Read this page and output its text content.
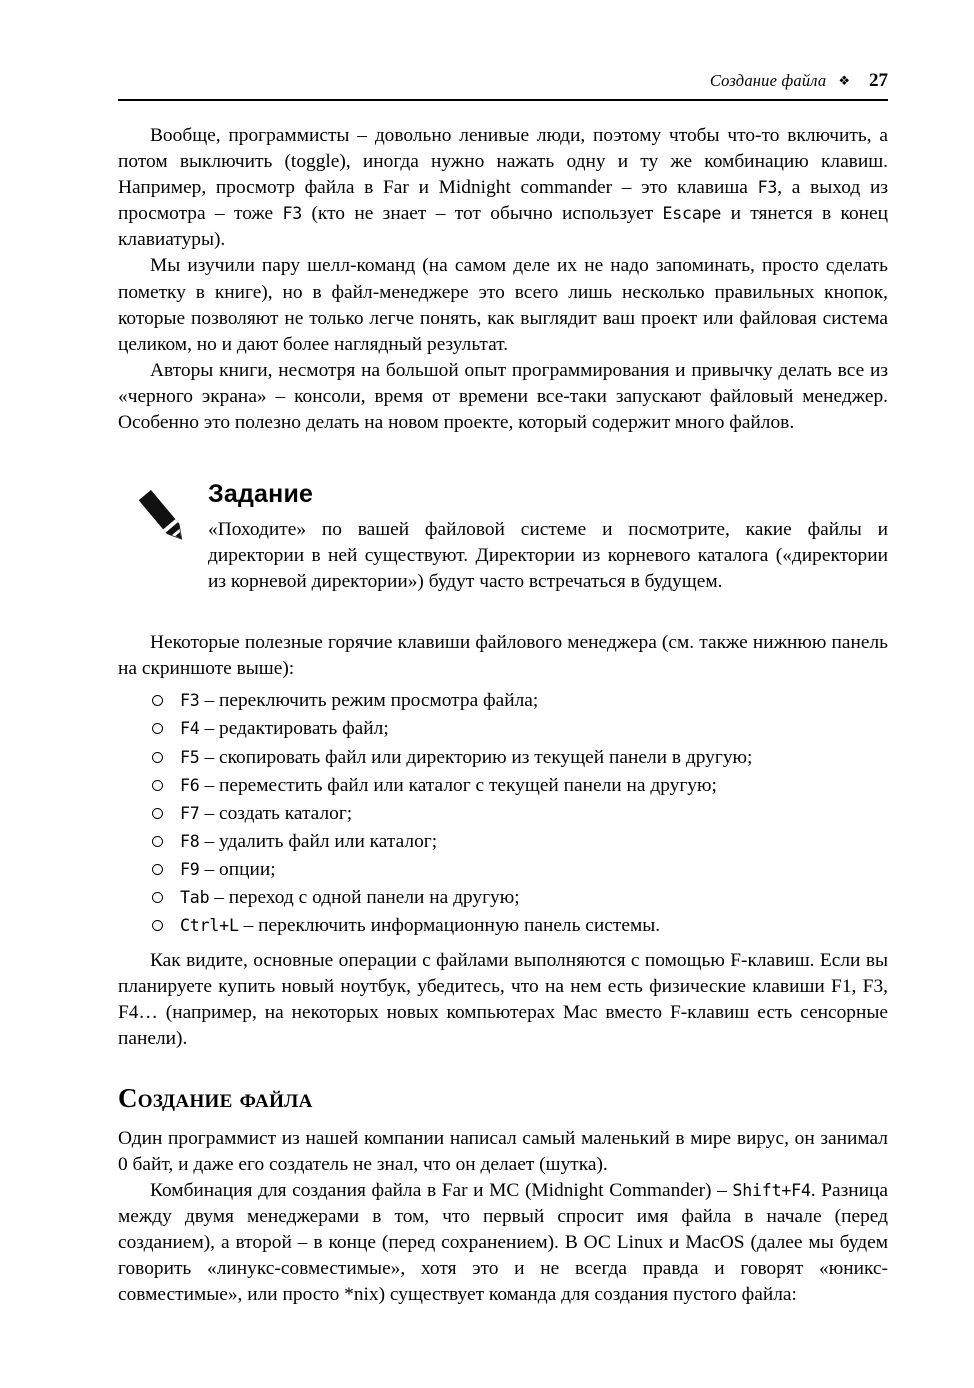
Создание файла ❖	27

Вообще, программисты – довольно ленивые люди, поэтому чтобы что-то включить, а потом выключить (toggle), иногда нужно нажать одну и ту же комбинацию клавиш. Например, просмотр файла в Far и Midnight commander – это клавиша F3, а выход из просмотра – тоже F3 (кто не знает – тот обычно использует Escape и тянется в конец клавиатуры).

Мы изучили пару шелл-команд (на самом деле их не надо запоминать, просто сделать пометку в книге), но в файл-менеджере это всего лишь несколько правильных кнопок, которые позволяют не только легче понять, как выглядит ваш проект или файловая система целиком, но и дают более наглядный результат.

Авторы книги, несмотря на большой опыт программирования и привычку делать все из «черного экрана» – консоли, время от времени все-таки запускают файловый менеджер. Особенно это полезно делать на новом проекте, который содержит много файлов.

Задание

«Походите» по вашей файловой системе и посмотрите, какие файлы и директории в ней существуют. Директории из корневого каталога («директории из корневой директории») будут часто встречаться в будущем.

Некоторые полезные горячие клавиши файлового менеджера (см. также нижнюю панель на скриншоте выше):

F3 – переключить режим просмотра файла;
F4 – редактировать файл;
F5 – скопировать файл или директорию из текущей панели в другую;
F6 – переместить файл или каталог с текущей панели на другую;
F7 – создать каталог;
F8 – удалить файл или каталог;
F9 – опции;
Tab – переход с одной панели на другую;
Ctrl+L – переключить информационную панель системы.

Как видите, основные операции с файлами выполняются с помощью F-клавиш. Если вы планируете купить новый ноутбук, убедитесь, что на нем есть физические клавиши F1, F3, F4… (например, на некоторых новых компьютерах Mac вместо F-клавиш есть сенсорные панели).

Создание файла

Один программист из нашей компании написал самый маленький в мире вирус, он занимал 0 байт, и даже его создатель не знал, что он делает (шутка).

Комбинация для создания файла в Far и MC (Midnight Commander) – Shift+F4. Разница между двумя менеджерами в том, что первый спросит имя файла в начале (перед созданием), а второй – в конце (перед сохранением). В ОС Linux и MacOS (далее мы будем говорить «линукс-совместимые», хотя это и не всегда правда и говорят «юникс-совместимые», или просто *nix) существует команда для создания пустого файла:
